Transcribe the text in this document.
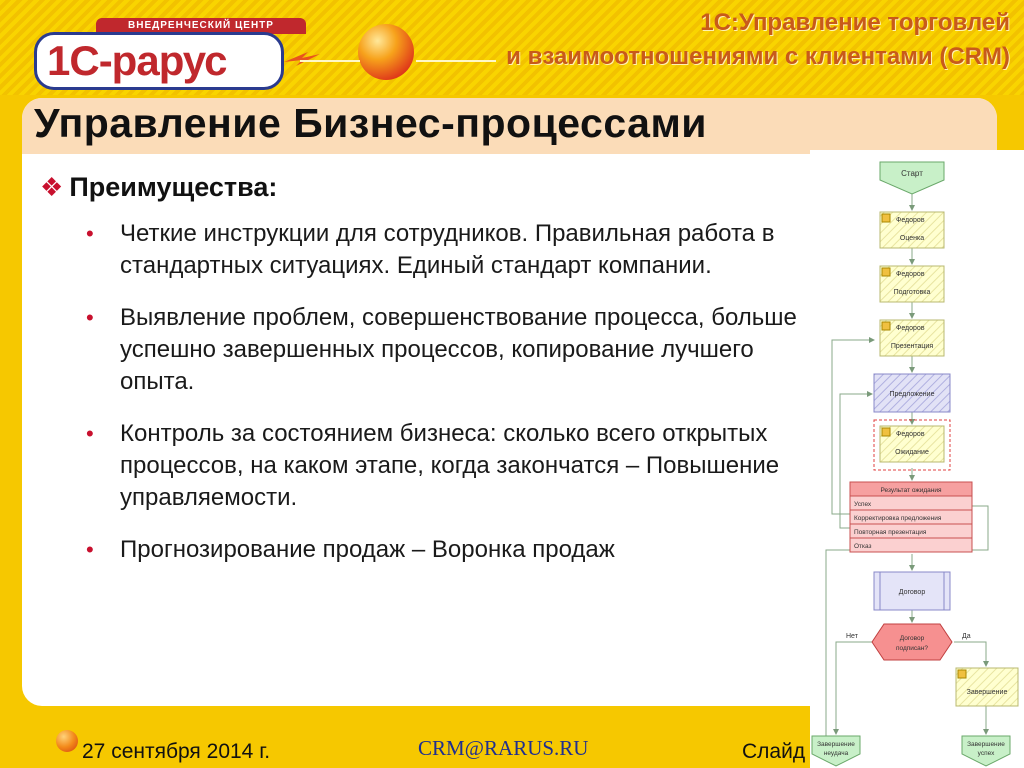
ВНЕДРЕНЧЕСКИЙ ЦЕНТР
1С-рарус
1С:Управление торговлей
и взаимоотношениями с клиентами (CRM)
Управление Бизнес-процессами
❖ Преимущества:
• Четкие инструкции для сотрудников. Правильная работа в стандартных ситуациях. Единый стандарт компании.
• Выявление проблем, совершенствование процесса, больше успешно завершенных процессов, копирование лучшего опыта.
• Контроль за состоянием бизнеса: сколько всего открытых процессов, на каком этапе, когда закончатся – Повышение управляемости.
• Прогнозирование продаж – Воронка продаж
Старт
Федоров
Оценка
Федоров
Подготовка
Федоров
Презентация
Предложение
Федоров
Ожидание
Результат ожидания
Успех
Корректировка предложения
Повторная презентация
Отказ
Договор
Договор
подписан?
Нет	Да
Завершение
Завершение
неудача
Завершение
успех
27 сентября 2014 г.	CRM@RARUS.RU	Слайд
